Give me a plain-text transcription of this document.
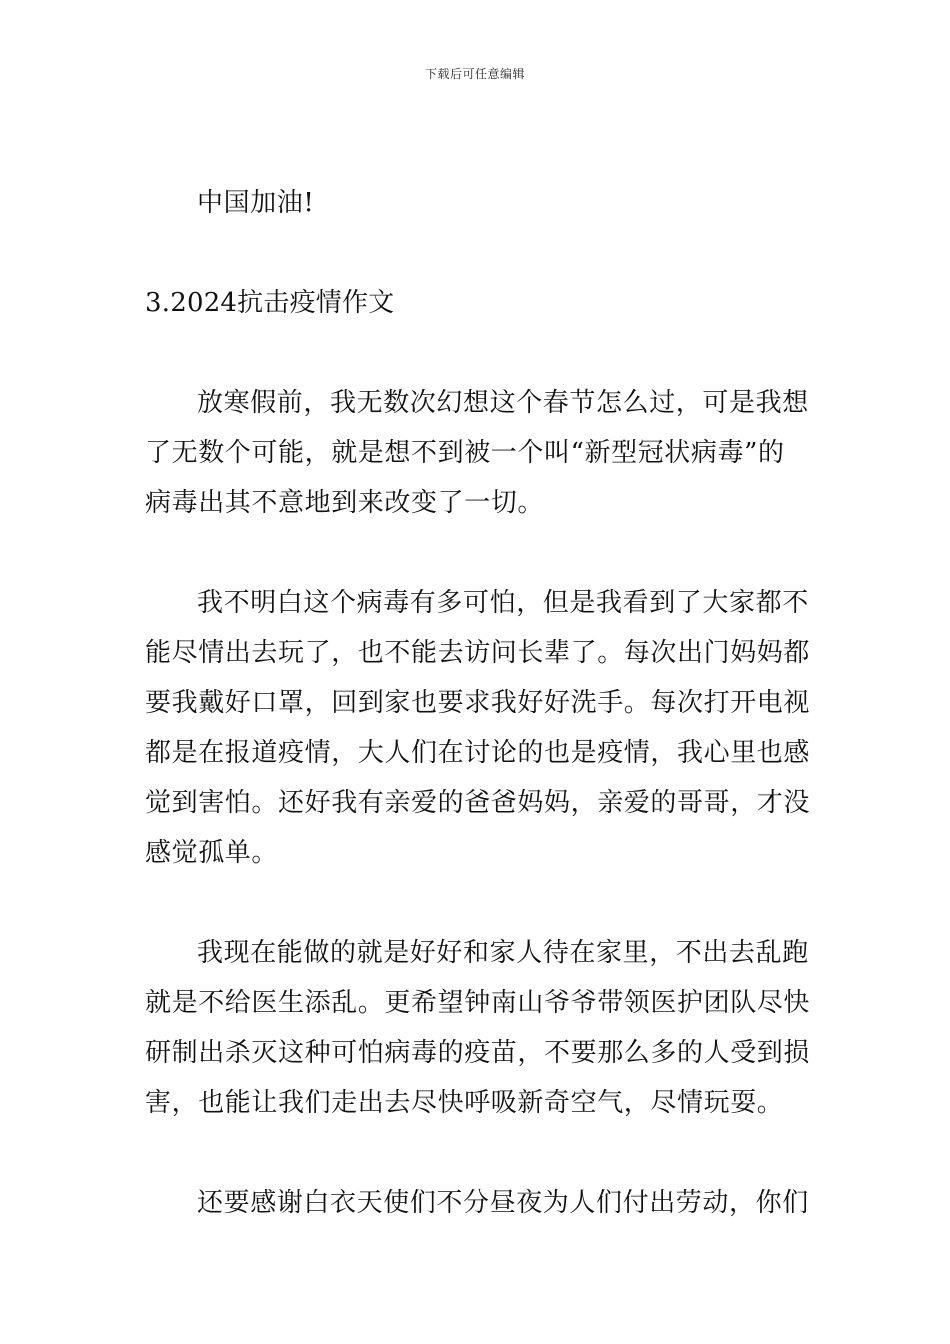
下载后可任意编辑
中国加油!
3.2024抗击疫情作文
放寒假前，我无数次幻想这个春节怎么过，可是我想
了无数个可能，就是想不到被一个叫“新型冠状病毒”的
病毒出其不意地到来改变了一切。
我不明白这个病毒有多可怕，但是我看到了大家都不
能尽情出去玩了，也不能去访问长辈了。每次出门妈妈都
要我戴好口罩，回到家也要求我好好洗手。每次打开电视
都是在报道疫情，大人们在讨论的也是疫情，我心里也感
觉到害怕。还好我有亲爱的爸爸妈妈，亲爱的哥哥，才没
感觉孤单。
我现在能做的就是好好和家人待在家里，不出去乱跑
就是不给医生添乱。更希望钟南山爷爷带领医护团队尽快
研制出杀灭这种可怕病毒的疫苗，不要那么多的人受到损
害，也能让我们走出去尽快呼吸新奇空气，尽情玩耍。
还要感谢白衣天使们不分昼夜为人们付出劳动，你们
